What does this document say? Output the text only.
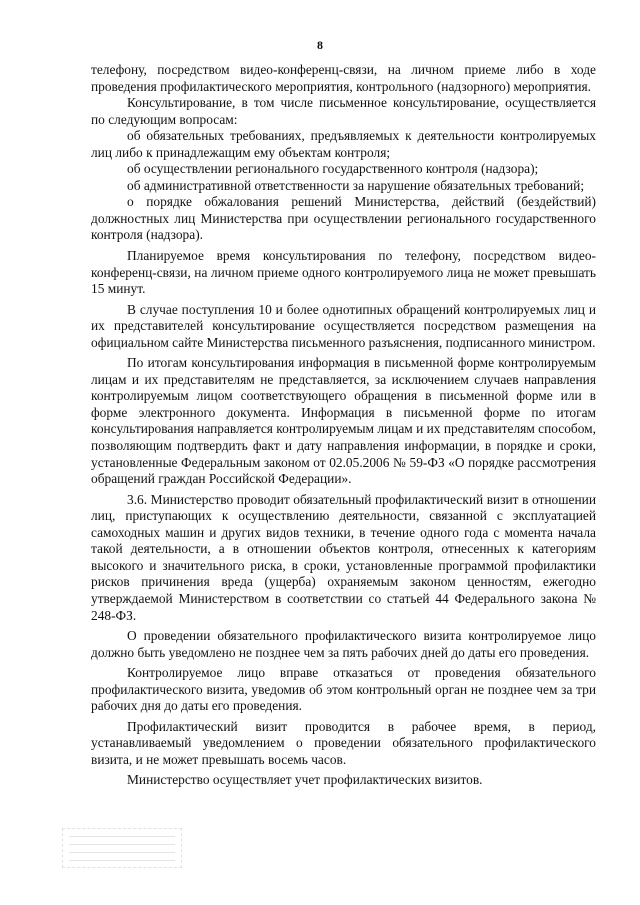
8

телефону, посредством видео-конференц-связи, на личном приеме либо в ходе проведения профилактического мероприятия, контрольного (надзорного) мероприятия.

Консультирование, в том числе письменное консультирование, осуществляется по следующим вопросам:

об обязательных требованиях, предъявляемых к деятельности контролируемых лиц либо к принадлежащим ему объектам контроля;

об осуществлении регионального государственного контроля (надзора);

об административной ответственности за нарушение обязательных требований;

о порядке обжалования решений Министерства, действий (бездействий) должностных лиц Министерства при осуществлении регионального государственного контроля (надзора).

Планируемое время консультирования по телефону, посредством видео-конференц-связи, на личном приеме одного контролируемого лица не может превышать 15 минут.

В случае поступления 10 и более однотипных обращений контролируемых лиц и их представителей консультирование осуществляется посредством размещения на официальном сайте Министерства письменного разъяснения, подписанного министром.

По итогам консультирования информация в письменной форме контролируемым лицам и их представителям не представляется, за исключением случаев направления контролируемым лицом соответствующего обращения в письменной форме или в форме электронного документа. Информация в письменной форме по итогам консультирования направляется контролируемым лицам и их представителям способом, позволяющим подтвердить факт и дату направления информации, в порядке и сроки, установленные Федеральным законом от 02.05.2006 № 59-ФЗ «О порядке рассмотрения обращений граждан Российской Федерации».

3.6. Министерство проводит обязательный профилактический визит в отношении лиц, приступающих к осуществлению деятельности, связанной с эксплуатацией самоходных машин и других видов техники, в течение одного года с момента начала такой деятельности, а в отношении объектов контроля, отнесенных к категориям высокого и значительного риска, в сроки, установленные программой профилактики рисков причинения вреда (ущерба) охраняемым законом ценностям, ежегодно утверждаемой Министерством в соответствии со статьей 44 Федерального закона № 248-ФЗ.

О проведении обязательного профилактического визита контролируемое лицо должно быть уведомлено не позднее чем за пять рабочих дней до даты его проведения.

Контролируемое лицо вправе отказаться от проведения обязательного профилактического визита, уведомив об этом контрольный орган не позднее чем за три рабочих дня до даты его проведения.

Профилактический визит проводится в рабочее время, в период, устанавливаемый уведомлением о проведении обязательного профилактического визита, и не может превышать восемь часов.

Министерство осуществляет учет профилактических визитов.
